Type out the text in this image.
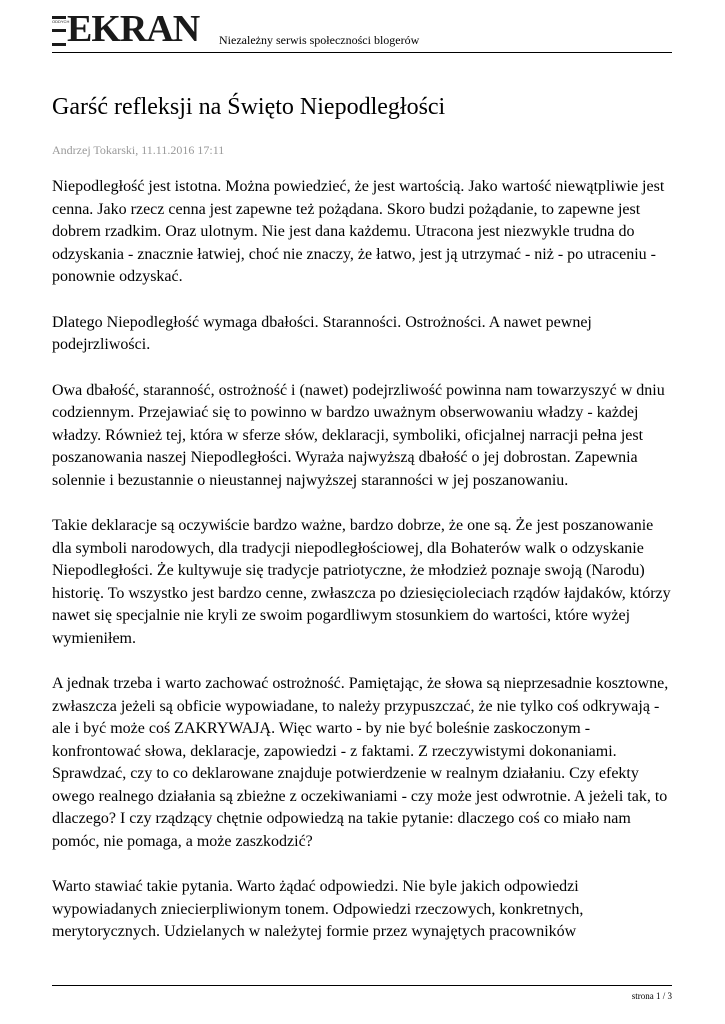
ODDYCH
EKRAN Niezależny serwis społeczności blogerów
Garść refleksji na Święto Niepodległości
Andrzej Tokarski, 11.11.2016 17:11

Niepodległość jest istotna. Można powiedzieć, że jest wartością. Jako wartość niewątpliwie jest cenna. Jako rzecz cenna jest zapewne też pożądana. Skoro budzi pożądanie, to zapewne jest dobrem rzadkim. Oraz ulotnym. Nie jest dana każdemu. Utracona jest niezwykle trudna do odzyskania - znacznie łatwiej, choć nie znaczy, że łatwo, jest ją utrzymać - niż - po utraceniu - ponownie odzyskać.

Dlatego Niepodległość wymaga dbałości. Staranności. Ostrożności. A nawet pewnej podejrzliwości.

Owa dbałość, staranność, ostrożność i (nawet) podejrzliwość powinna nam towarzyszyć w dniu codziennym. Przejawiać się to powinno w bardzo uważnym obserwowaniu władzy - każdej władzy. Również tej, która w sferze słów, deklaracji, symboliki, oficjalnej narracji pełna jest poszanowania naszej Niepodległości. Wyraża najwyższą dbałość o jej dobrostan. Zapewnia solennie i bezustannie o nieustannej najwyższej staranności w jej poszanowaniu.

Takie deklaracje są oczywiście bardzo ważne, bardzo dobrze, że one są. Że jest poszanowanie dla symboli narodowych, dla tradycji niepodległościowej, dla Bohaterów walk o odzyskanie Niepodległości. Że kultywuje się tradycje patriotyczne, że młodzież poznaje swoją (Narodu) historię. To wszystko jest bardzo cenne, zwłaszcza po dziesięcioleciach rządów łajdaków, którzy nawet się specjalnie nie kryli ze swoim pogardliwym stosunkiem do wartości, które wyżej wymieniłem.

A jednak trzeba i warto zachować ostrożność. Pamiętając, że słowa są nieprzesadnie kosztowne, zwłaszcza jeżeli są obficie wypowiadane, to należy przypuszczać, że nie tylko coś odkrywają - ale i być może coś ZAKRYWAJĄ. Więc warto - by nie być boleśnie zaskoczonym - konfrontować słowa, deklaracje, zapowiedzi - z faktami. Z rzeczywistymi dokonaniami. Sprawdzać, czy to co deklarowane znajduje potwierdzenie w realnym działaniu. Czy efekty owego realnego działania są zbieżne z oczekiwaniami - czy może jest odwrotnie. A jeżeli tak, to dlaczego? I czy rządzący chętnie odpowiedzą na takie pytanie: dlaczego coś co miało nam pomóc, nie pomaga, a może zaszkodzić?

Warto stawiać takie pytania. Warto żądać odpowiedzi. Nie byle jakich odpowiedzi wypowiadanych zniecierpliwionym tonem. Odpowiedzi rzeczowych, konkretnych, merytorycznych. Udzielanych w należytej formie przez wynajętych pracowników

strona 1 / 3
